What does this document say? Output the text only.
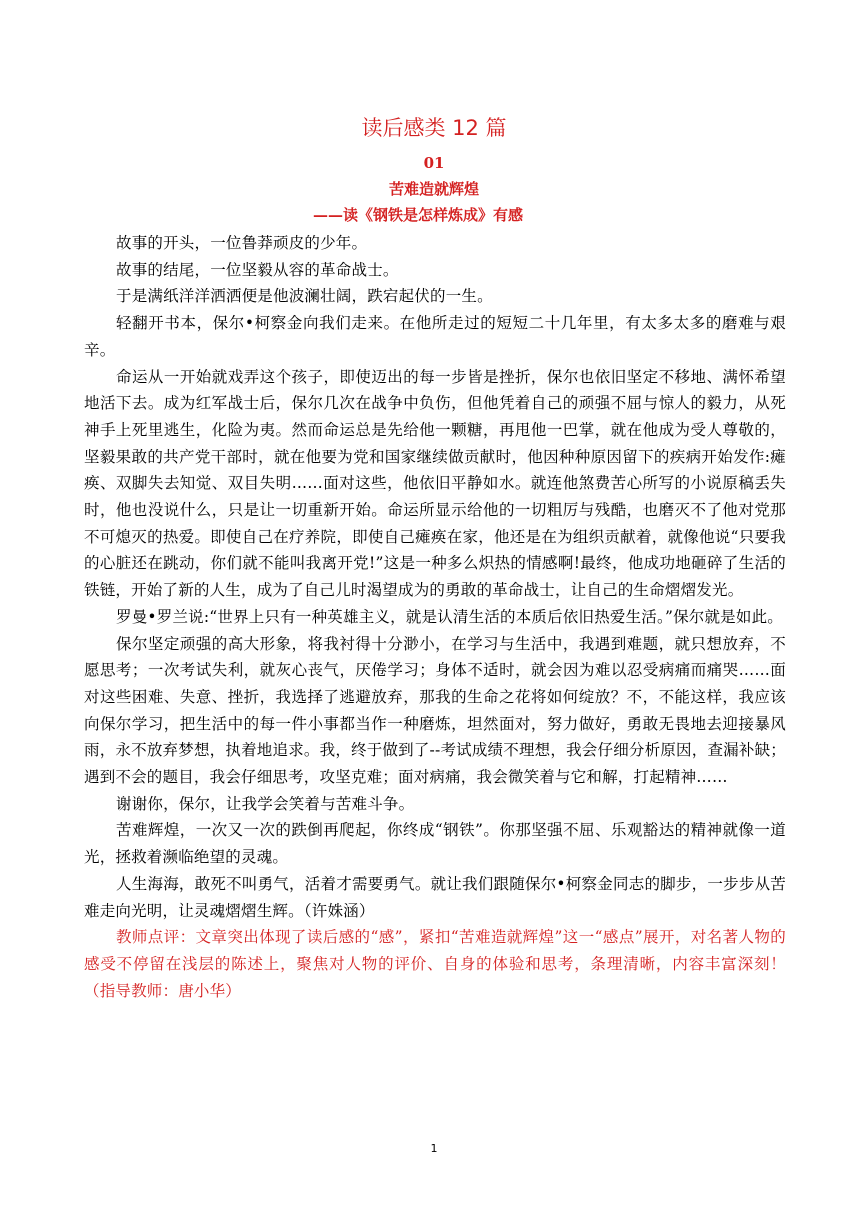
读后感类 12 篇
01
苦难造就辉煌
——读《钢铁是怎样炼成》有感

故事的开头，一位鲁莽顽皮的少年。

故事的结尾，一位坚毅从容的革命战士。

于是满纸洋洋洒洒便是他波澜壮阔，跌宕起伏的一生。

轻翻开书本，保尔•柯察金向我们走来。在他所走过的短短二十几年里，有太多太多的磨难与艰辛。

命运从一开始就戏弄这个孩子，即使迈出的每一步皆是挫折，保尔也依旧坚定不移地、满怀希望地活下去。成为红军战士后，保尔几次在战争中负伤，但他凭着自己的顽强不屈与惊人的毅力，从死神手上死里逃生，化险为夷。然而命运总是先给他一颗糖，再甩他一巴掌，就在他成为受人尊敬的，坚毅果敢的共产党干部时，就在他要为党和国家继续做贡献时，他因种种原因留下的疾病开始发作:瘫痪、双脚失去知觉、双目失明……面对这些，他依旧平静如水。就连他煞费苦心所写的小说原稿丢失时，他也没说什么，只是让一切重新开始。命运所显示给他的一切粗厉与残酷，也磨灭不了他对党那不可熄灭的热爱。即使自己在疗养院，即使自己瘫痪在家，他还是在为组织贡献着，就像他说“只要我的心脏还在跳动，你们就不能叫我离开党!”这是一种多么炽热的情感啊!最终，他成功地砸碎了生活的铁链，开始了新的人生，成为了自己儿时渴望成为的勇敢的革命战士，让自己的生命熠熠发光。

罗曼•罗兰说:“世界上只有一种英雄主义，就是认清生活的本质后依旧热爱生活。”保尔就是如此。

保尔坚定顽强的高大形象，将我衬得十分渺小，在学习与生活中，我遇到难题，就只想放弃，不愿思考；一次考试失利，就灰心丧气，厌倦学习；身体不适时，就会因为难以忍受病痛而痛哭……面对这些困难、失意、挫折，我选择了逃避放弃，那我的生命之花将如何绽放？不，不能这样，我应该向保尔学习，把生活中的每一件小事都当作一种磨炼，坦然面对，努力做好，勇敢无畏地去迎接暴风雨，永不放弃梦想，执着地追求。我，终于做到了--考试成绩不理想，我会仔细分析原因，查漏补缺；遇到不会的题目，我会仔细思考，攻坚克难；面对病痛，我会微笑着与它和解，打起精神……

谢谢你，保尔，让我学会笑着与苦难斗争。

苦难辉煌，一次又一次的跌倒再爬起，你终成“钢铁”。你那坚强不屈、乐观豁达的精神就像一道光，拯救着濒临绝望的灵魂。

人生海海，敢死不叫勇气，活着才需要勇气。就让我们跟随保尔•柯察金同志的脚步，一步步从苦难走向光明，让灵魂熠熠生辉。（许姝涵）

教师点评：文章突出体现了读后感的“感”，紧扣“苦难造就辉煌”这一“感点”展开，对名著人物的感受不停留在浅层的陈述上，聚焦对人物的评价、自身的体验和思考，条理清晰，内容丰富深刻！（指导教师：唐小华）

1
